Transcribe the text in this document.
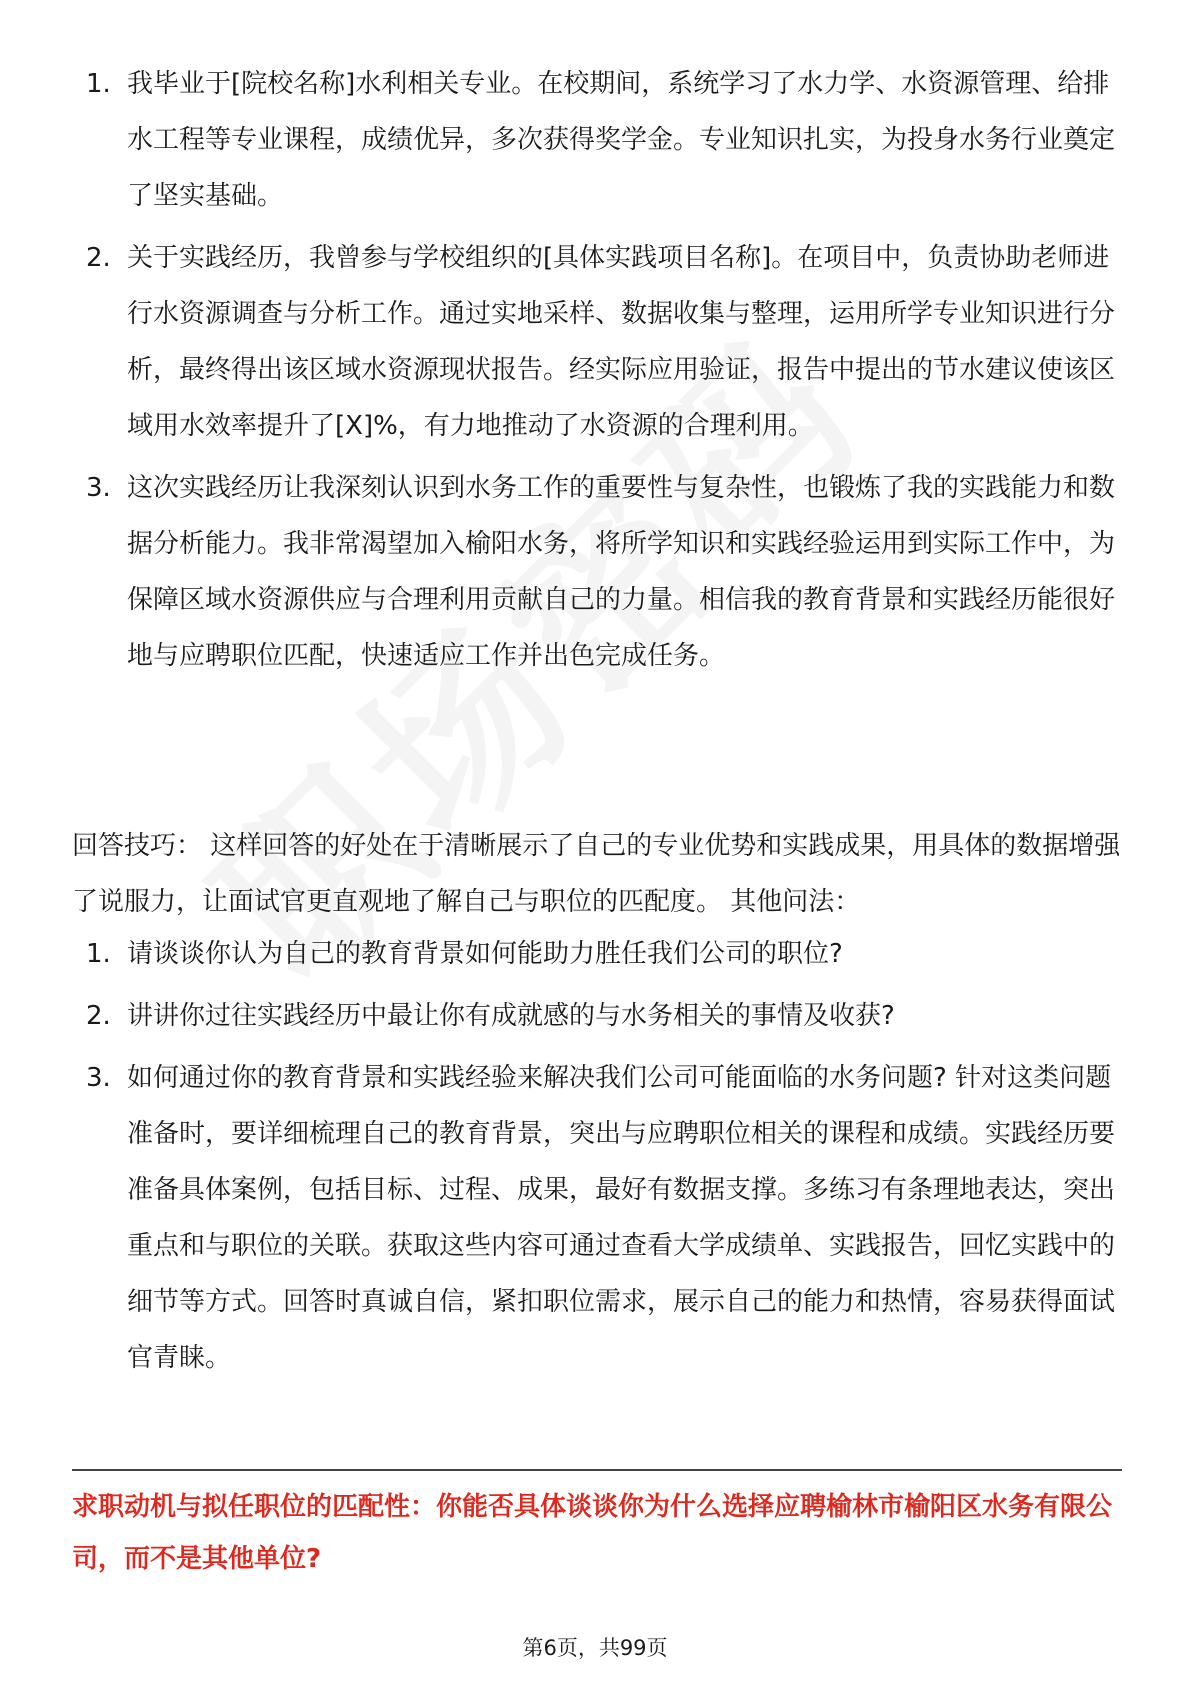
1. 我毕业于[院校名称]水利相关专业。在校期间，系统学习了水力学、水资源管理、给排水工程等专业课程，成绩优异，多次获得奖学金。专业知识扎实，为投身水务行业奠定了坚实基础。
2. 关于实践经历，我曾参与学校组织的[具体实践项目名称]。在项目中，负责协助老师进行水资源调查与分析工作。通过实地采样、数据收集与整理，运用所学专业知识进行分析，最终得出该区域水资源现状报告。经实际应用验证，报告中提出的节水建议使该区域用水效率提升了[X]%，有力地推动了水资源的合理利用。
3. 这次实践经历让我深刻认识到水务工作的重要性与复杂性，也锻炼了我的实践能力和数据分析能力。我非常渴望加入榆阳水务，将所学知识和实践经验运用到实际工作中，为保障区域水资源供应与合理利用贡献自己的力量。相信我的教育背景和实践经历能很好地与应聘职位匹配，快速适应工作并出色完成任务。

回答技巧： 这样回答的好处在于清晰展示了自己的专业优势和实践成果，用具体的数据增强了说服力，让面试官更直观地了解自己与职位的匹配度。 其他问法：

1. 请谈谈你认为自己的教育背景如何能助力胜任我们公司的职位?
2. 讲讲你过往实践经历中最让你有成就感的与水务相关的事情及收获?
3. 如何通过你的教育背景和实践经验来解决我们公司可能面临的水务问题? 针对这类问题准备时，要详细梳理自己的教育背景，突出与应聘职位相关的课程和成绩。实践经历要准备具体案例，包括目标、过程、成果，最好有数据支撑。多练习有条理地表达，突出重点和与职位的关联。获取这些内容可通过查看大学成绩单、实践报告，回忆实践中的细节等方式。回答时真诚自信，紧扣职位需求，展示自己的能力和热情，容易获得面试官青睐。
求职动机与拟任职位的匹配性：你能否具体谈谈你为什么选择应聘榆林市榆阳区水务有限公司，而不是其他单位?
第6页，共99页
